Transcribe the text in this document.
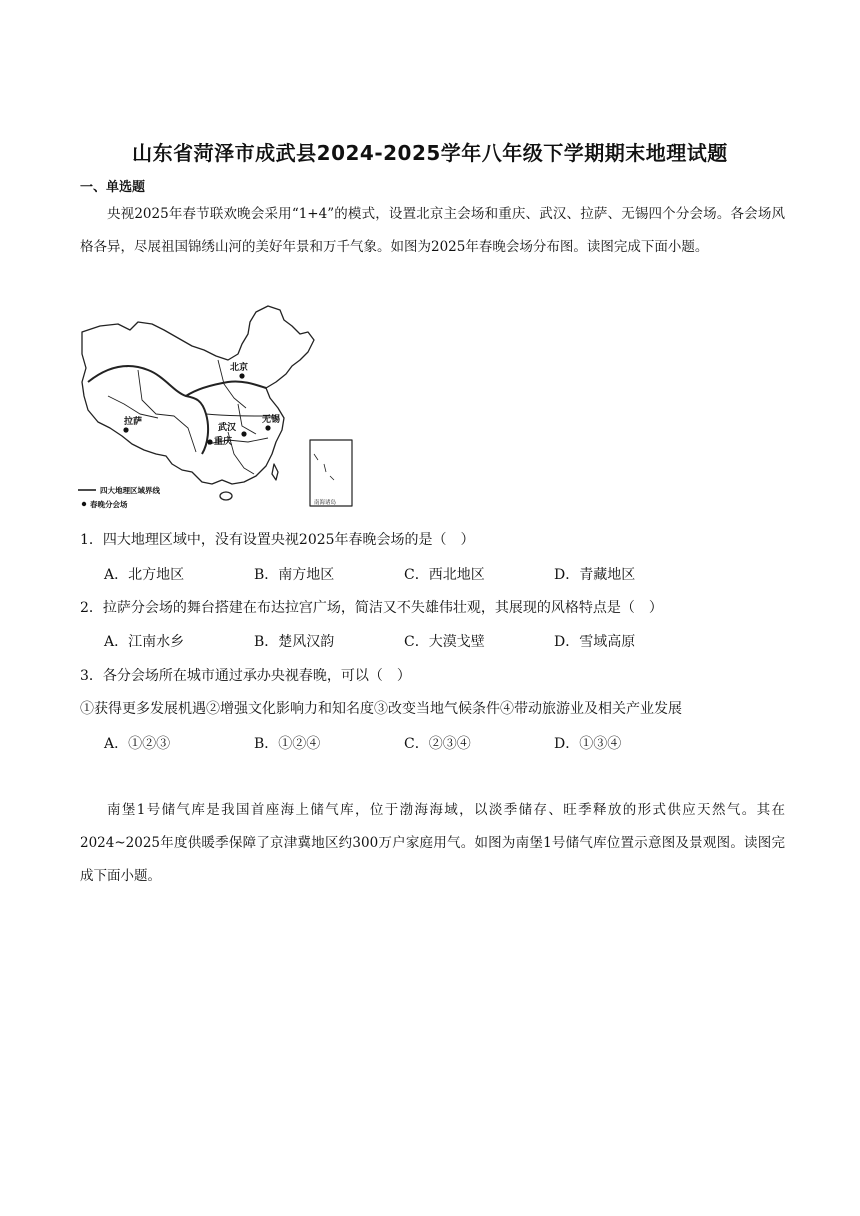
山东省菏泽市成武县2024-2025学年八年级下学期期末地理试题
一、单选题
央视2025年春节联欢晚会采用“1+4”的模式，设置北京主会场和重庆、武汉、拉萨、无锡四个分会场。各会场风格各异，尽展祖国锦绣山河的美好年景和万千气象。如图为2025年春晚会场分布图。读图完成下面小题。
北京
拉萨
武汉
重庆
无锡
四大地理区域界线
春晚分会场	南海诸岛
1．四大地理区域中，没有设置央视2025年春晚会场的是（　）
A．北方地区	B．南方地区	C．西北地区	D．青藏地区
2．拉萨分会场的舞台搭建在布达拉宫广场，简洁又不失雄伟壮观，其展现的风格特点是（　）
A．江南水乡	B．楚风汉韵	C．大漠戈壁	D．雪域高原
3．各分会场所在城市通过承办央视春晚，可以（　）
①获得更多发展机遇②增强文化影响力和知名度③改变当地气候条件④带动旅游业及相关产业发展
A．①②③	B．①②④	C．②③④	D．①③④
南堡1号储气库是我国首座海上储气库，位于渤海海域，以淡季储存、旺季释放的形式供应天然气。其在2024~2025年度供暖季保障了京津冀地区约300万户家庭用气。如图为南堡1号储气库位置示意图及景观图。读图完成下面小题。
